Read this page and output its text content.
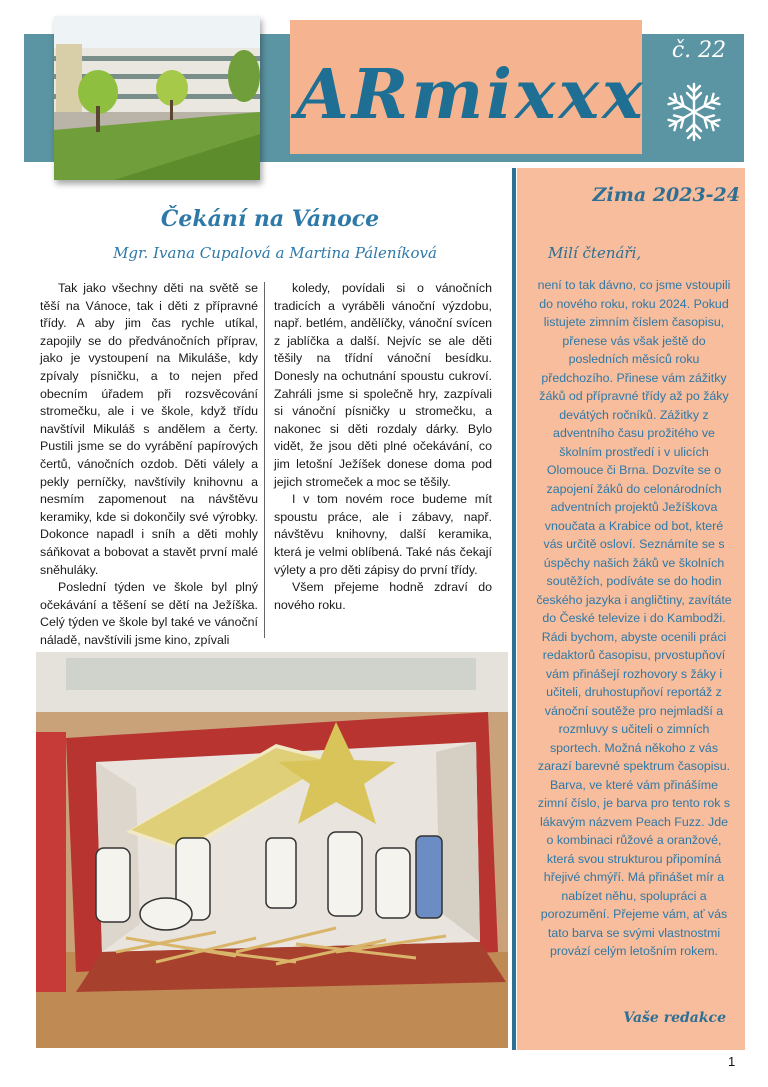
ARmixxx
č. 22
Zima 2023-24
Milí čtenáři,

není to tak dávno, co jsme vstoupili do nového roku, roku 2024. Pokud listujete zimním číslem časopisu, přenese vás však ještě do posledních měsíců roku předchozího. Přinese vám zážitky žáků od přípravné třídy až po žáky devátých ročníků. Zážitky z adventního času prožitého ve školním prostředí i v ulicích Olomouce či Brna. Dozvíte se o zapojení žáků do celonárodních adventních projektů Ježíškova vnoučata a Krabice od bot, které vás určitě osloví. Seznámíte se s úspěchy našich žáků ve školních soutěžích, podíváte se do hodin českého jazyka i angličtiny, zavítáte do České televize i do Kambodži. Rádi bychom, abyste ocenili práci redaktorů časopisu, prvostupňoví vám přinášejí rozhovory s žáky i učiteli, druhostupňoví reportáž z vánoční soutěže pro nejmladší a rozmluvy s učiteli o zimních sportech. Možná někoho z vás zarazí barevné spektrum časopisu. Barva, ve které vám přinášíme zimní číslo, je barva pro tento rok s lákavým názvem Peach Fuzz. Jde o kombinaci růžové a oranžové, která svou strukturou připomíná hřejivé chmýří. Má přinášet mír a nabízet něhu, spolupráci a porozumění. Přejeme vám, ať vás tato barva se svými vlastnostmi provází celým letošním rokem.

Vaše redakce
Čekání na Vánoce
Mgr. Ivana Cupalová a Martina Páleníková

Tak jako všechny děti na světě se těší na Vánoce, tak i děti z přípravné třídy. A aby jim čas rychle utíkal, zapojily se do předvánočních příprav, jako je vystoupení na Mikuláše, kdy zpívaly písničku, a to nejen před obecním úřadem při rozsvěcování stromečku, ale i ve škole, když třídu navštívil Mikuláš s andělem a čerty. Pustili jsme se do vyrábění papírových čertů, vánočních ozdob. Děti válely a pekly perníčky, navštívily knihovnu a nesmím zapomenout na návštěvu keramiky, kde si dokončily své výrobky. Dokonce napadl i sníh a děti mohly sáňkovat a bobovat a stavět první malé sněhuláky.

Poslední týden ve škole byl plný očekávání a těšení se dětí na Ježíška. Celý týden ve škole byl také ve vánoční náladě, navštívili jsme kino, zpívali

koledy, povídali si o vánočních tradicích a vyráběli vánoční výzdobu, např. betlém, andělíčky, vánoční svícen z jablíčka a další. Nejvíc se ale děti těšily na třídní vánoční besídku. Donesly na ochutnání spoustu cukroví. Zahráli jsme si společně hry, zazpívali si vánoční písničky u stromečku, a nakonec si děti rozdaly dárky. Bylo vidět, že jsou děti plné očekávání, co jim letošní Ježíšek donese doma pod jejich stromeček a moc se těšily.

I v tom novém roce budeme mít spoustu práce, ale i zábavy, např. návštěvu knihovny, další keramika, která je velmi oblíbená. Také nás čekají výlety a pro děti zápisy do první třídy.

Všem přejeme hodně zdraví do nového roku.

1
